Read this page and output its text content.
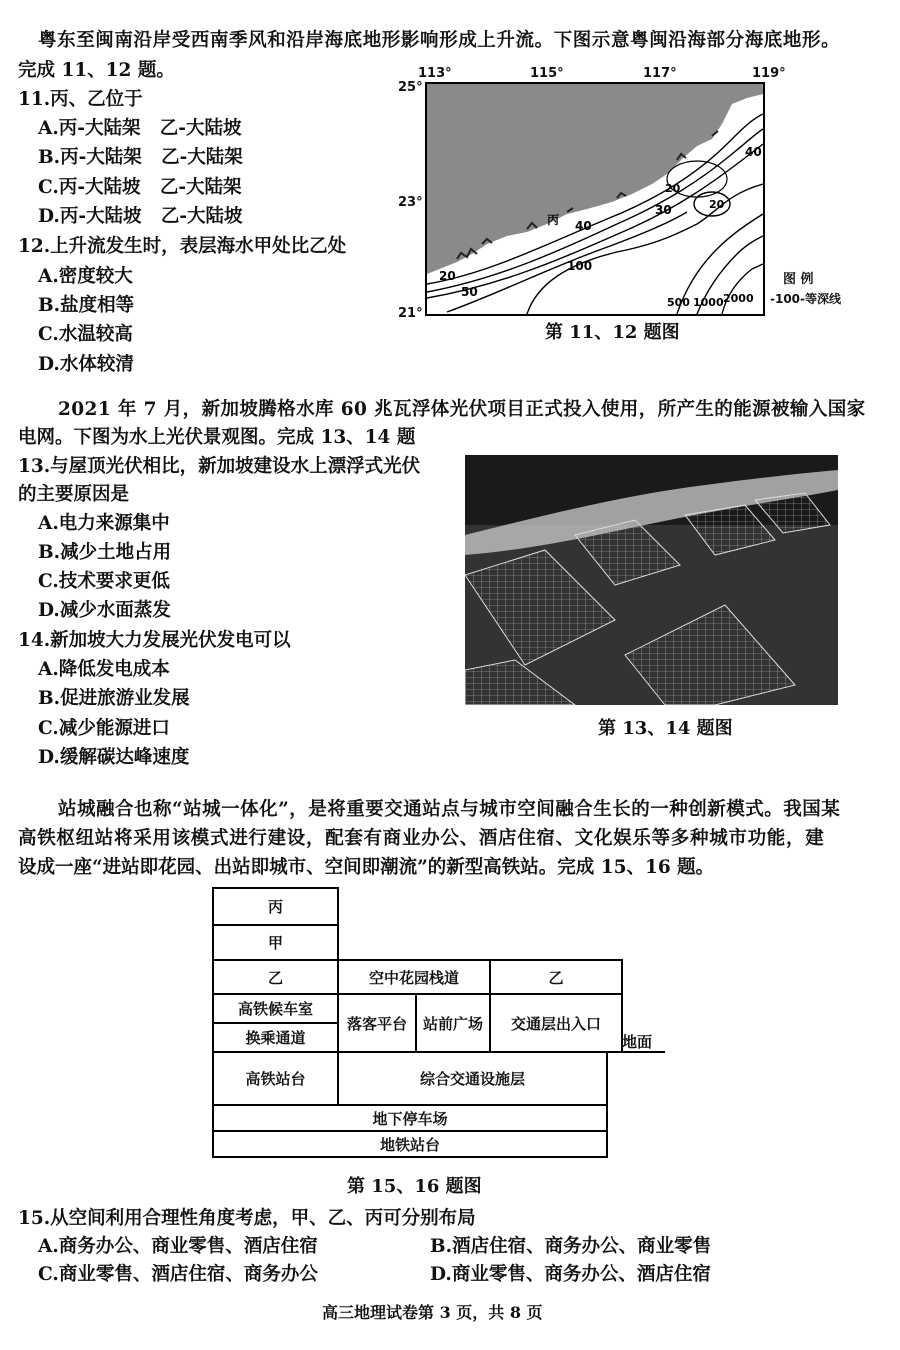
粤东至闽南沿岸受西南季风和沿岸海底地形影响形成上升流。下图示意粤闽沿海部分海底地形。
完成 11、12 题。
11.丙、乙位于
A.丙-大陆架   乙-大陆坡
B.丙-大陆架   乙-大陆架
C.丙-大陆坡   乙-大陆架
D.丙-大陆坡   乙-大陆坡
12.上升流发生时，表层海水甲处比乙处
A.密度较大
B.盐度相等
C.水温较高
D.水体较清
113°	115°	117°	119°
25°
23°
21°
40
30	20
40
20
20
50
100
500 1000 2000
丙
图 例
-100-等深线
第 11、12 题图
2021 年 7 月，新加坡腾格水库 60 兆瓦浮体光伏项目正式投入使用，所产生的能源被输入国家
电网。下图为水上光伏景观图。完成 13、14 题
13.与屋顶光伏相比，新加坡建设水上漂浮式光伏
的主要原因是
A.电力来源集中
B.减少土地占用
C.技术要求更低
D.减少水面蒸发
14.新加坡大力发展光伏发电可以
A.降低发电成本
B.促进旅游业发展
C.减少能源进口
D.缓解碳达峰速度
第 13、14 题图
站城融合也称“站城一体化”，是将重要交通站点与城市空间融合生长的一种创新模式。我国某
高铁枢纽站将采用该模式进行建设，配套有商业办公、酒店住宿、文化娱乐等多种城市功能，建
设成一座“进站即花园、出站即城市、空间即潮流”的新型高铁站。完成 15、16 题。
丙
甲
乙	空中花园栈道	乙
高铁候车室
换乘通道
落客平台	站前广场	交通层出入口
地面
高铁站台	综合交通设施层
地下停车场
地铁站台
第 15、16 题图
15.从空间利用合理性角度考虑，甲、乙、丙可分别布局
A.商务办公、商业零售、酒店住宿	B.酒店住宿、商务办公、商业零售
C.商业零售、酒店住宿、商务办公	D.商业零售、商务办公、酒店住宿
高三地理试卷第 3 页，共 8 页
